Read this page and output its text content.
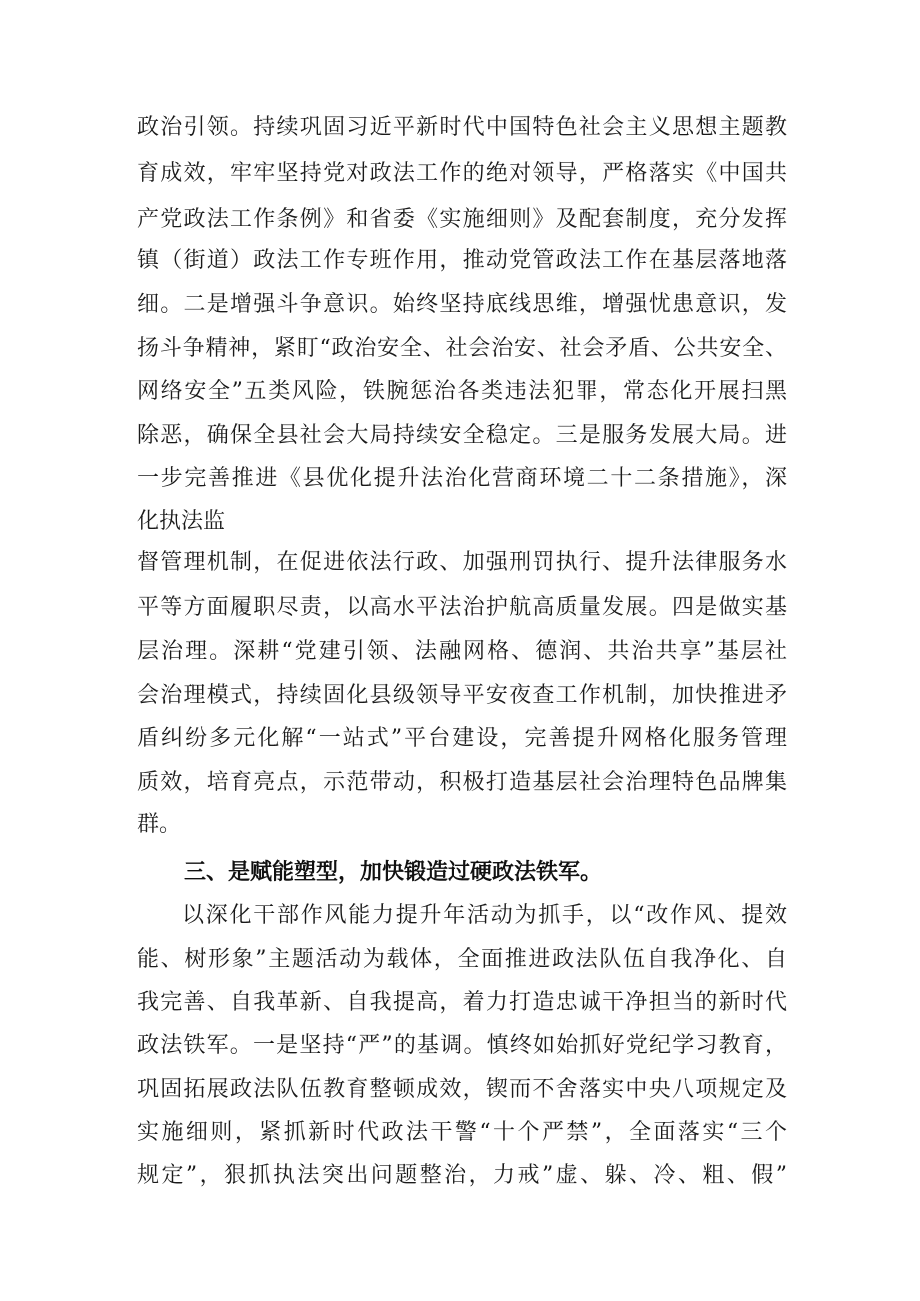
政治引领。持续巩固习近平新时代中国特色社会主义思想主题教
育成效，牢牢坚持党对政法工作的绝对领导，严格落实《中国共
产党政法工作条例》和省委《实施细则》及配套制度，充分发挥
镇（街道）政法工作专班作用，推动党管政法工作在基层落地落
细。二是增强斗争意识。始终坚持底线思维，增强忧患意识，发
扬斗争精神，紧盯“政治安全、社会治安、社会矛盾、公共安全、
网络安全”五类风险，铁腕惩治各类违法犯罪，常态化开展扫黑
除恶，确保全县社会大局持续安全稳定。三是服务发展大局。进
一步完善推进《县优化提升法治化营商环境二十二条措施》，深
化执法监
督管理机制，在促进依法行政、加强刑罚执行、提升法律服务水
平等方面履职尽责，以高水平法治护航高质量发展。四是做实基
层治理。深耕“党建引领、法融网格、德润、共治共享”基层社
会治理模式，持续固化县级领导平安夜查工作机制，加快推进矛
盾纠纷多元化解“一站式”平台建设，完善提升网格化服务管理
质效，培育亮点，示范带动，积极打造基层社会治理特色品牌集
群。
三、是赋能塑型，加快锻造过硬政法铁军。
以深化干部作风能力提升年活动为抓手，以“改作风、提效
能、树形象”主题活动为载体，全面推进政法队伍自我净化、自
我完善、自我革新、自我提高，着力打造忠诚干净担当的新时代
政法铁军。一是坚持“严”的基调。慎终如始抓好党纪学习教育，
巩固拓展政法队伍教育整顿成效，锲而不舍落实中央八项规定及
实施细则，紧抓新时代政法干警“十个严禁”，全面落实“三个
规定”，狠抓执法突出问题整治，力戒”虚、躲、冷、粗、假”
